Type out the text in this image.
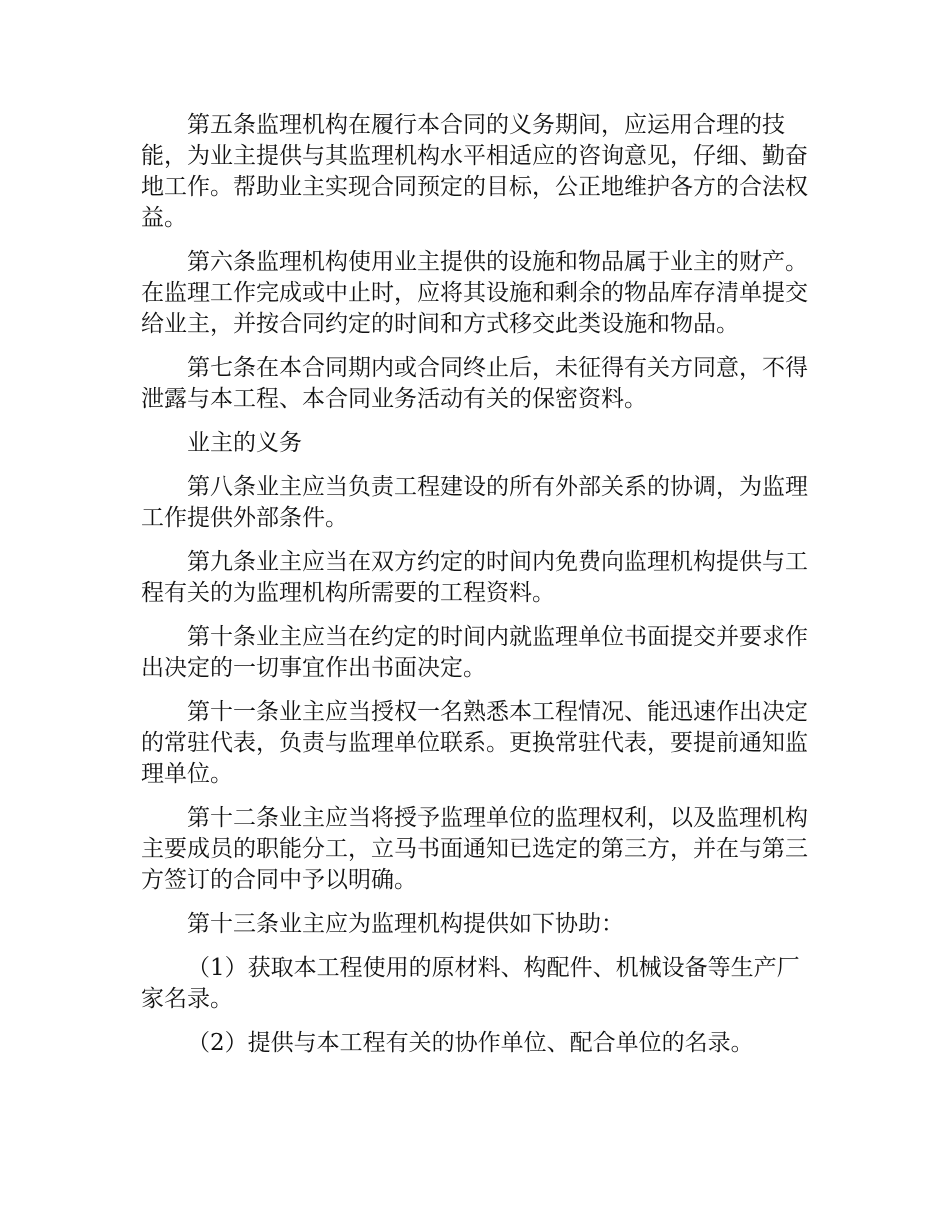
第五条监理机构在履行本合同的义务期间，应运用合理的技能，为业主提供与其监理机构水平相适应的咨询意见，仔细、勤奋地工作。帮助业主实现合同预定的目标，公正地维护各方的合法权益。

第六条监理机构使用业主提供的设施和物品属于业主的财产。在监理工作完成或中止时，应将其设施和剩余的物品库存清单提交给业主，并按合同约定的时间和方式移交此类设施和物品。

第七条在本合同期内或合同终止后，未征得有关方同意，不得泄露与本工程、本合同业务活动有关的保密资料。

业主的义务

第八条业主应当负责工程建设的所有外部关系的协调，为监理工作提供外部条件。

第九条业主应当在双方约定的时间内免费向监理机构提供与工程有关的为监理机构所需要的工程资料。

第十条业主应当在约定的时间内就监理单位书面提交并要求作出决定的一切事宜作出书面决定。

第十一条业主应当授权一名熟悉本工程情况、能迅速作出决定的常驻代表，负责与监理单位联系。更换常驻代表，要提前通知监理单位。

第十二条业主应当将授予监理单位的监理权利，以及监理机构主要成员的职能分工，立马书面通知已选定的第三方，并在与第三方签订的合同中予以明确。

第十三条业主应为监理机构提供如下协助：

（1）获取本工程使用的原材料、构配件、机械设备等生产厂家名录。

（2）提供与本工程有关的协作单位、配合单位的名录。
